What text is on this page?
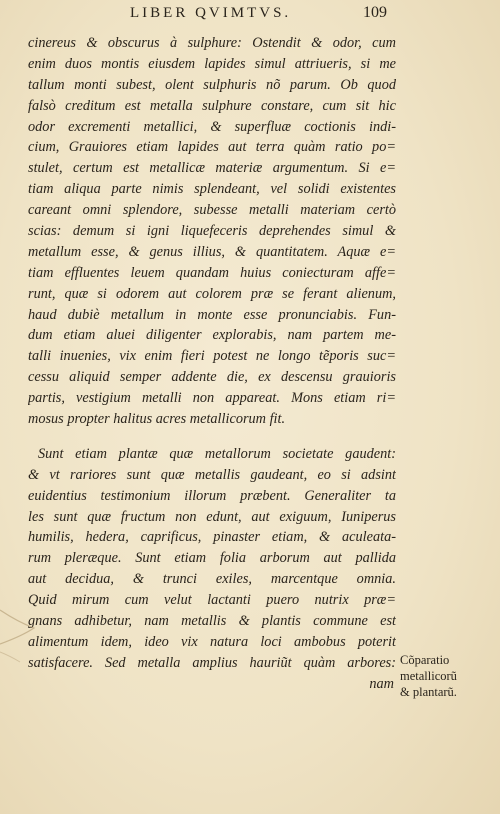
LIBER QVIMTVS.	109
cinereus & obscurus à sulphure: Ostendit & odor, cum
enim duos montis eiusdem lapides simul attriueris, si me
tallum monti subest, olent sulphuris nõ parum. Ob quod
falsò creditum est metalla sulphure constare, cum sit hic
odor excrementi metallici, & superfluæ coctionis indi-
cium, Grauiores etiam lapides aut terra quàm ratio po=
stulet, certum est metallicæ materiæ argumentum. Si e=
tiam aliqua parte nimis splendeant, vel solidi existentes
careant omni splendore, subesse metalli materiam certò
scias: demum si igni liquefeceris deprehendes simul &
metallum esse, & genus illius, & quantitatem. Aquæ e=
tiam effluentes leuem quandam huius coniecturam affe=
runt, quæ si odorem aut colorem præ se ferant alienum,
haud dubiè metallum in monte esse pronunciabis. Fun-
dum etiam aluei diligenter explorabis, nam partem me-
talli inuenies, vix enim fieri potest ne longo tẽporis suc=
cessu aliquid semper addente die, ex descensu grauioris
partis, vestigium metalli non appareat. Mons etiam ri=
mosus propter halitus acres metallicorum fit.
Sunt etiam plantæ quæ metallorum societate gaudent:
& vt rariores sunt quæ metallis gaudeant, eo si adsint
euidentius testimonium illorum præbent. Generaliter ta
les sunt quæ fructum non edunt, aut exiguum, Iuniperus
humilis, hedera, caprificus, pinaster etiam, & aculeata-
rum pleræque. Sunt etiam folia arborum aut pallida
aut decidua, & trunci exiles, marcentque omnia.
Quid mirum cum velut lactanti puero nutrix præ=
gnans adhibetur, nam metallis & plantis commune est
alimentum idem, ideo vix natura loci ambobus poterit
satisfacere. Sed metalla amplius hauriũt quàm arbores:
nam
Cõparatio
metallicorũ
& plantarũ.
